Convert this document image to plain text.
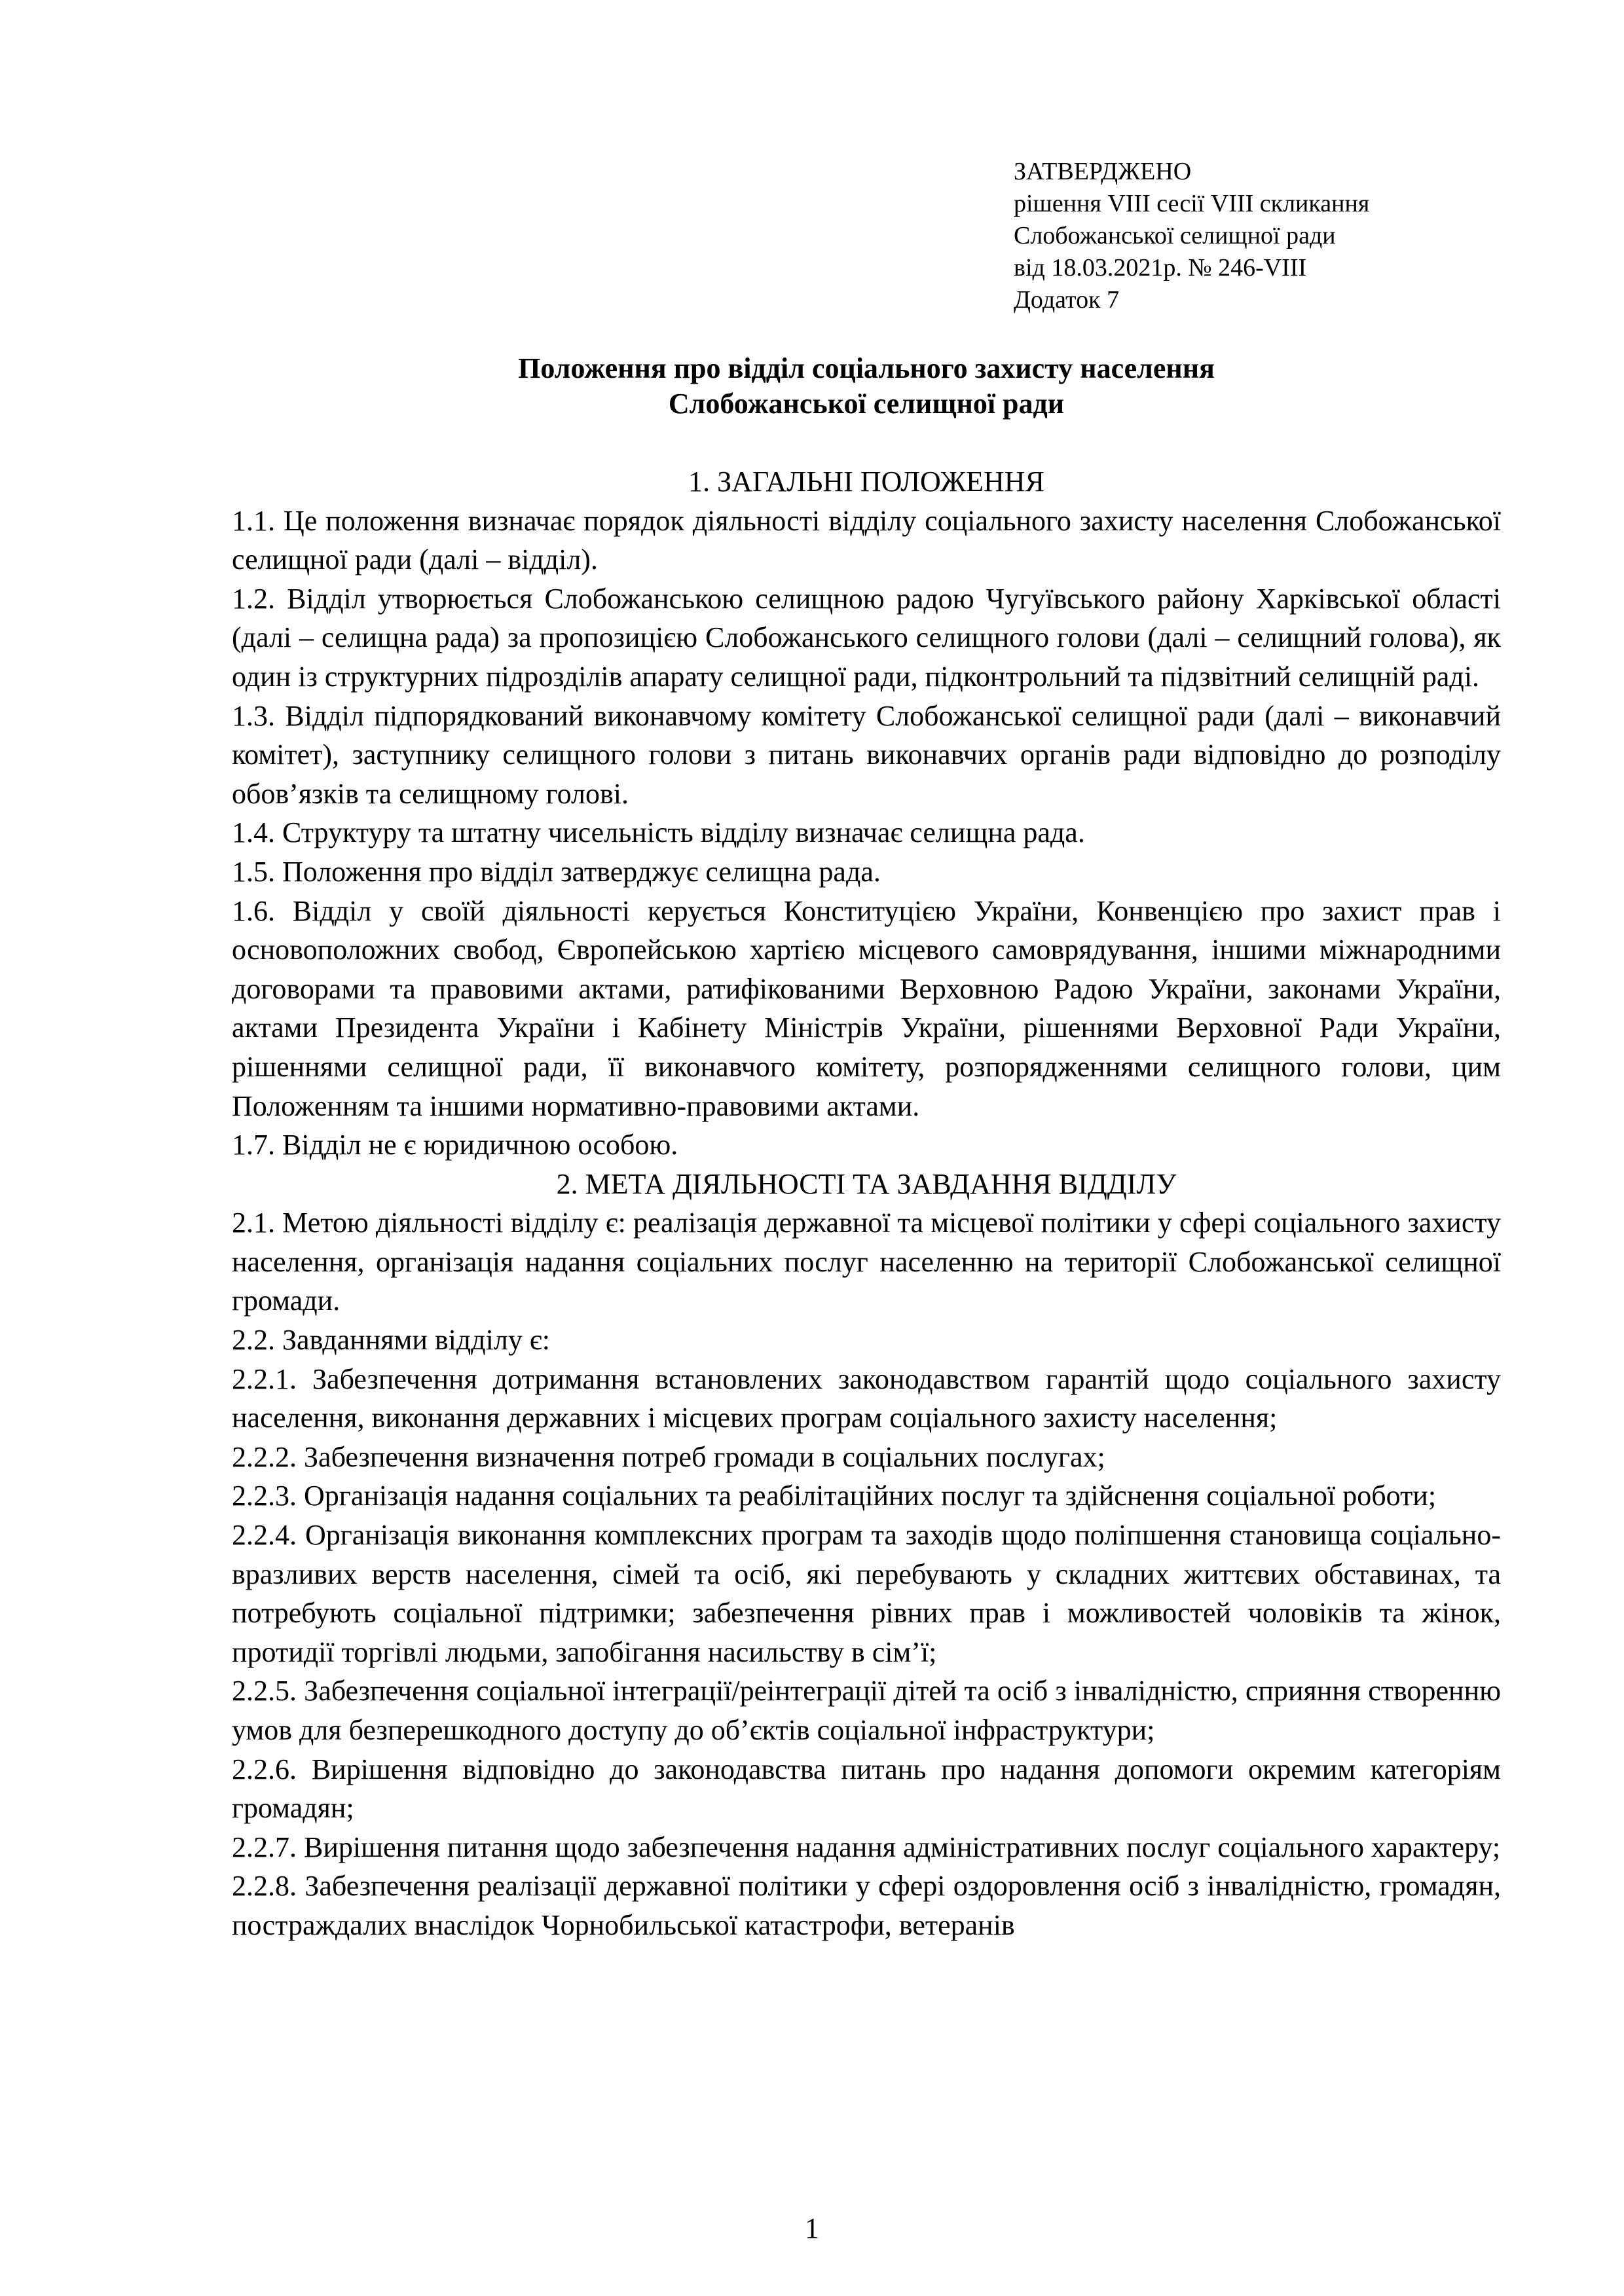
ЗАТВЕРДЖЕНО
рішення VIII сесії VIII скликання
Слобожанської селищної ради
від 18.03.2021р. № 246-VIII
Додаток 7
Положення про відділ соціального захисту населення
Слобожанської селищної ради
1. ЗАГАЛЬНІ ПОЛОЖЕННЯ

1.1. Це положення визначає порядок діяльності відділу соціального захисту населення Слобожанської селищної ради (далі – відділ).

1.2. Відділ утворюється Слобожанською селищною радою Чугуївського району Харківської області (далі – селищна рада) за пропозицією Слобожанського селищного голови (далі – селищний голова), як один із структурних підрозділів апарату селищної ради, підконтрольний та підзвітний селищній раді.

1.3. Відділ підпорядкований виконавчому комітету Слобожанської селищної ради (далі – виконавчий комітет), заступнику селищного голови з питань виконавчих органів ради відповідно до розподілу обов’язків та селищному голові.

1.4. Структуру та штатну чисельність відділу визначає селищна рада.

1.5. Положення про відділ затверджує селищна рада.

1.6. Відділ у своїй діяльності керується Конституцією України, Конвенцією про захист прав і основоположних свобод, Європейською хартією місцевого самоврядування, іншими міжнародними договорами та правовими актами, ратифікованими Верховною Радою України, законами України, актами Президента України і Кабінету Міністрів України, рішеннями Верховної Ради України, рішеннями селищної ради, її виконавчого комітету, розпорядженнями селищного голови, цим Положенням та іншими нормативно-правовими актами.

1.7. Відділ не є юридичною особою.

2. МЕТА ДІЯЛЬНОСТІ ТА ЗАВДАННЯ ВІДДІЛУ

2.1. Метою діяльності відділу є: реалізація державної та місцевої політики у сфері соціального захисту населення, організація надання соціальних послуг населенню на території Слобожанської селищної громади.

2.2. Завданнями відділу є:

2.2.1. Забезпечення дотримання встановлених законодавством гарантій щодо соціального захисту населення, виконання державних і місцевих програм соціального захисту населення;

2.2.2. Забезпечення визначення потреб громади в соціальних послугах;

2.2.3. Організація надання соціальних та реабілітаційних послуг та здійснення соціальної роботи;

2.2.4. Організація виконання комплексних програм та заходів щодо поліпшення становища соціально-вразливих верств населення, сімей та осіб, які перебувають у складних життєвих обставинах, та потребують соціальної підтримки; забезпечення рівних прав і можливостей чоловіків та жінок, протидії торгівлі людьми, запобігання насильству в сім’ї;

2.2.5. Забезпечення соціальної інтеграції/реінтеграції дітей та осіб з інвалідністю, сприяння створенню умов для безперешкодного доступу до об’єктів соціальної інфраструктури;

2.2.6. Вирішення відповідно до законодавства питань про надання допомоги окремим категоріям громадян;

2.2.7. Вирішення питання щодо забезпечення надання адміністративних послуг соціального характеру;

2.2.8. Забезпечення реалізації державної політики у сфері оздоровлення осіб з інвалідністю, громадян, постраждалих внаслідок Чорнобильської катастрофи, ветеранів

1
